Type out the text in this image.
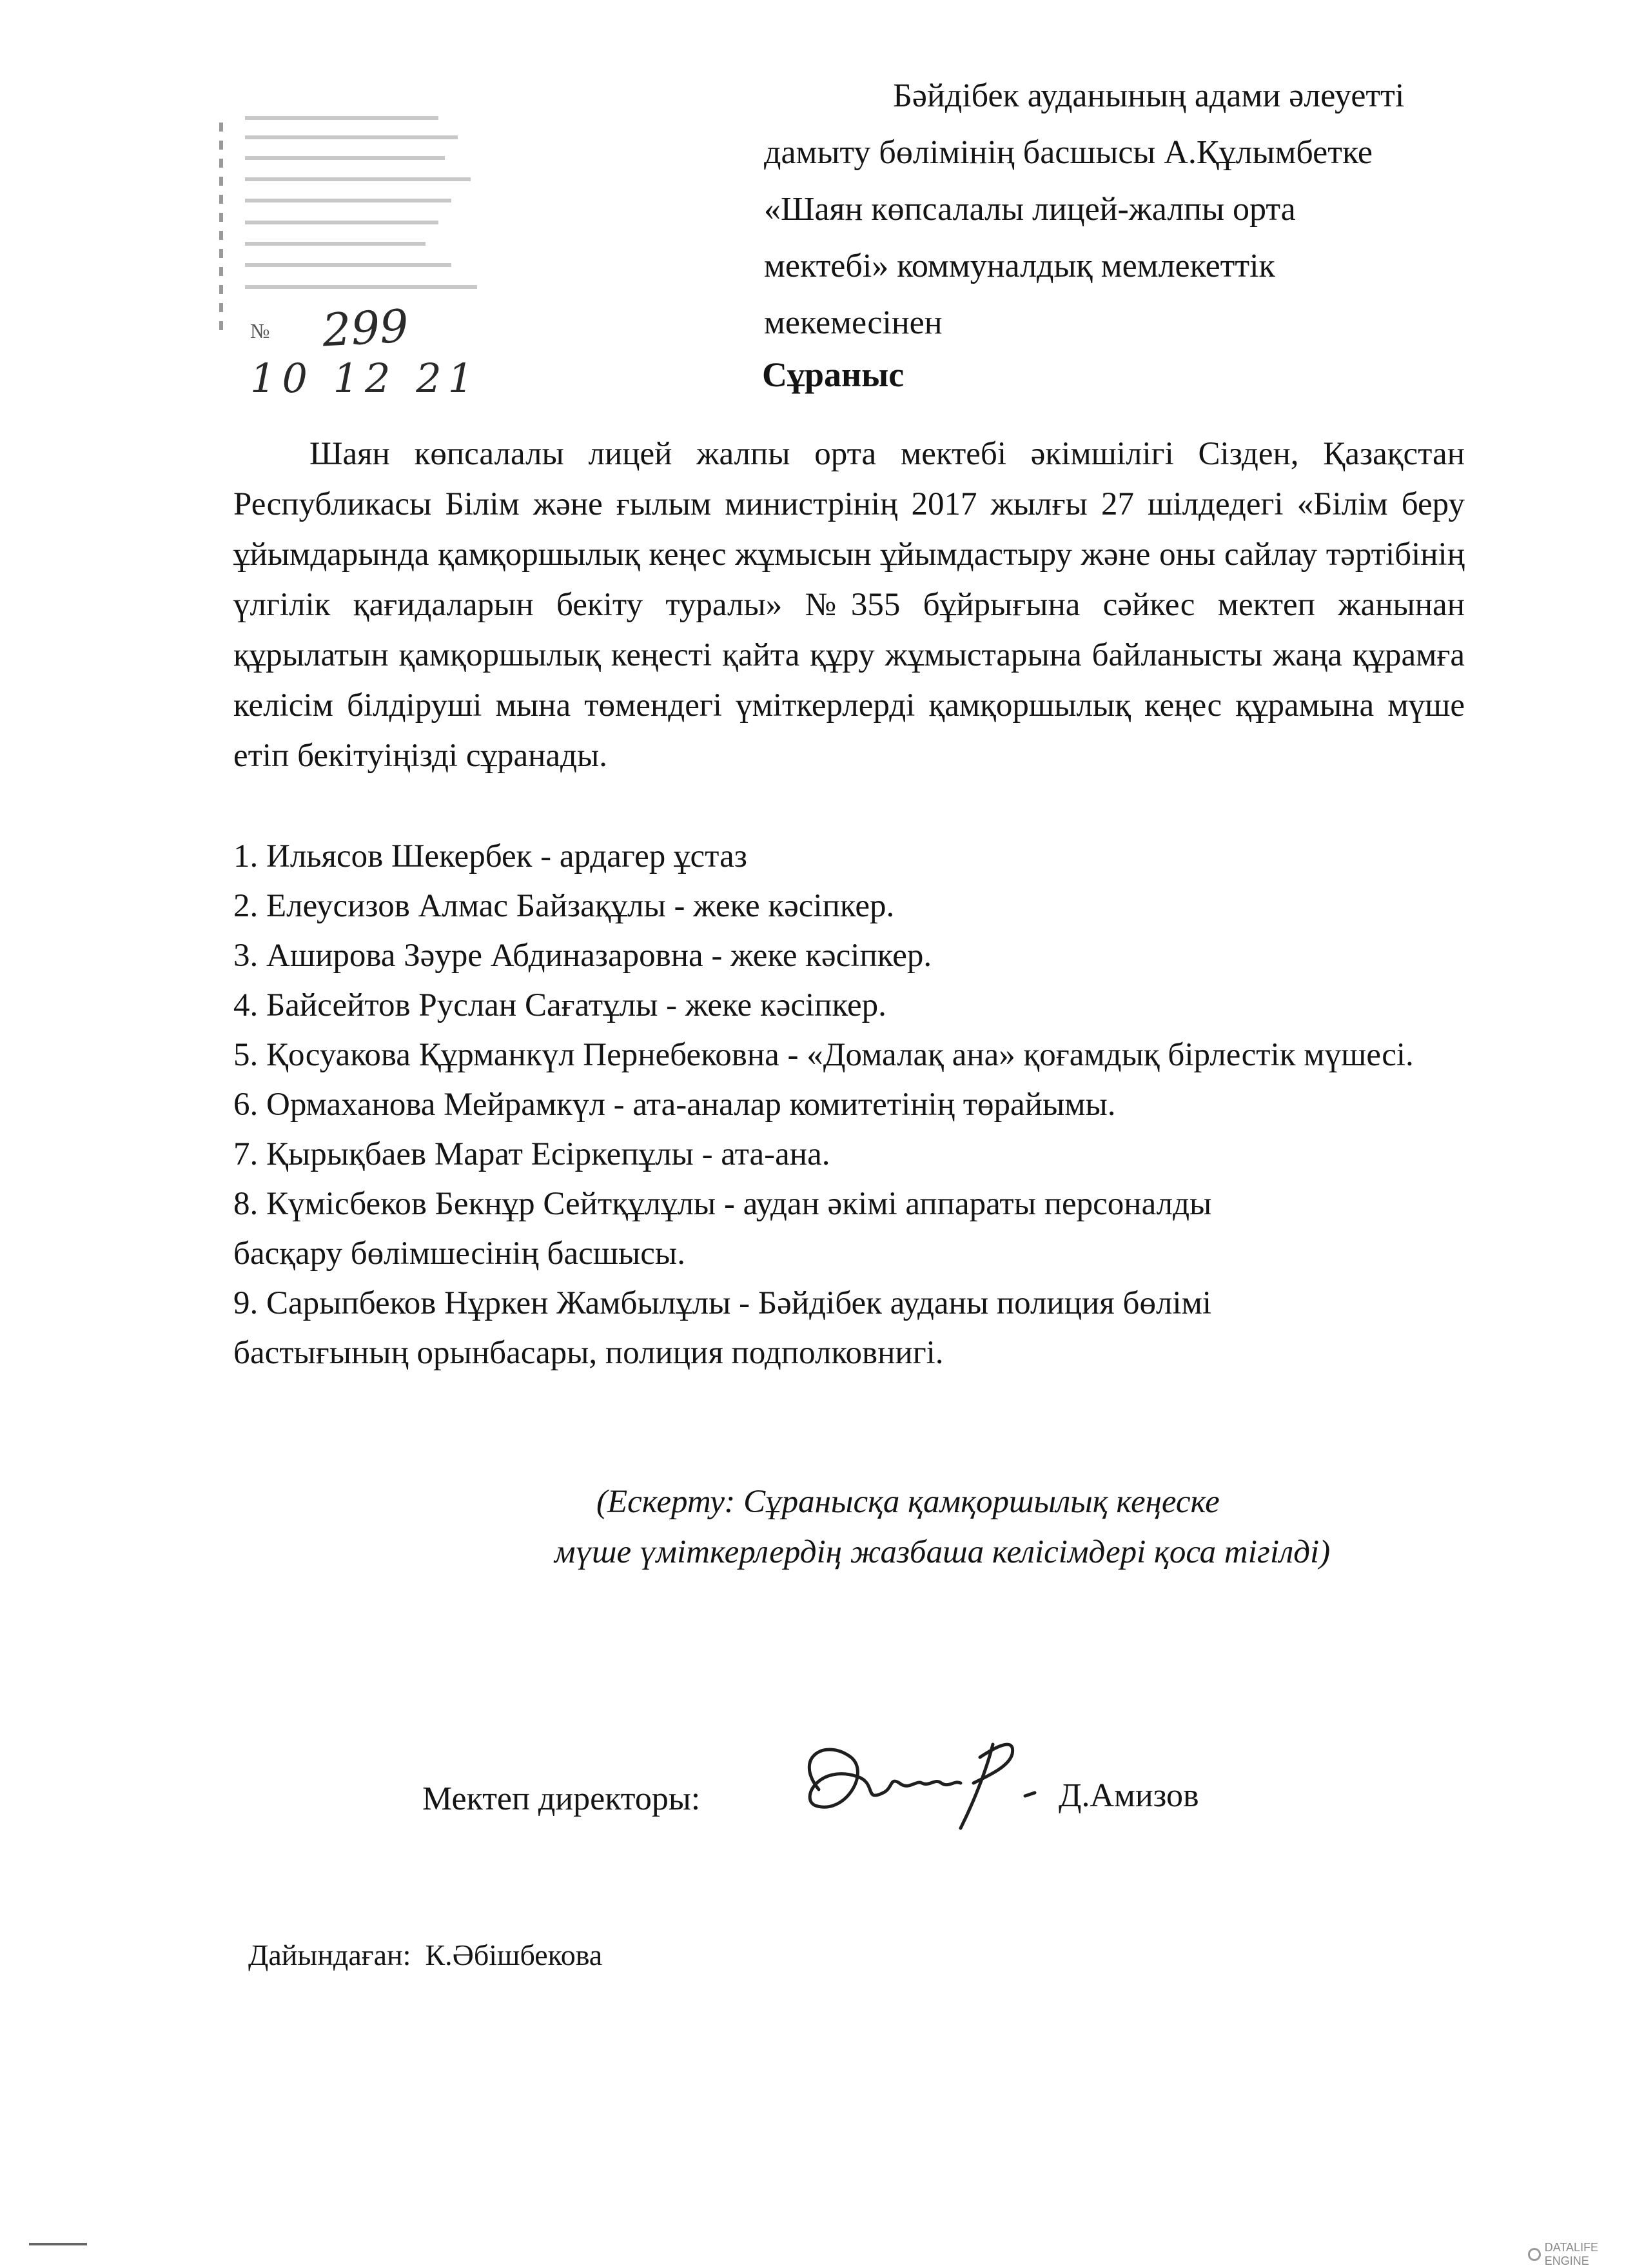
№ 299
10 12 21
Бәйдібек ауданының адами әлеуетті
дамыту бөлімінің басшысы А.Құлымбетке
«Шаян көпсалалы лицей-жалпы орта
мектебі» коммуналдық мемлекеттік
мекемесінен
Сұраныс

Шаян көпсалалы лицей жалпы орта мектебі әкімшілігі Сізден, Қазақстан Республикасы Білім және ғылым министрінің 2017 жылғы 27 шілдедегі «Білім беру ұйымдарында қамқоршылық кеңес жұмысын ұйымдастыру және оны сайлау тәртібінің үлгілік қағидаларын бекіту туралы» №355 бұйрығына сәйкес мектеп жанынан құрылатын қамқоршылық кеңесті қайта құру жұмыстарына байланысты жаңа құрамға келісім білдіруші мына төмендегі үміткерлерді қамқоршылық кеңес құрамына мүше етіп бекітуіңізді сұранады.

1. Ильясов Шекербек - ардагер ұстаз
2. Елеусизов Алмас Байзақұлы - жеке кәсіпкер.
3. Аширова Зәуре Абдиназаровна - жеке кәсіпкер.
4. Байсейтов Руслан Сағатұлы - жеке кәсіпкер.
5. Қосуакова Құрманкүл Пернебековна - «Домалақ ана» қоғамдық бірлестік мүшесі.
6. Ормаханова Мейрамкүл - ата-аналар комитетінің төрайымы.
7. Қырықбаев Марат Есіркепұлы - ата-ана.
8. Күмісбеков Бекнұр Сейтқұлұлы - аудан әкімі аппараты персоналды басқару бөлімшесінің басшысы.
9. Сарыпбеков Нұркен Жамбылұлы - Бәйдібек ауданы полиция бөлімі бастығының орынбасары, полиция подполковнигі.
(Ескерту: Сұранысқа қамқоршылық кеңеске
мүше үміткерлердің жазбаша келісімдері қоса тігілді)
Мектеп директоры:	Д.Амизов
Дайындаған: К.Әбішбекова
DATALIFE ENGINE
